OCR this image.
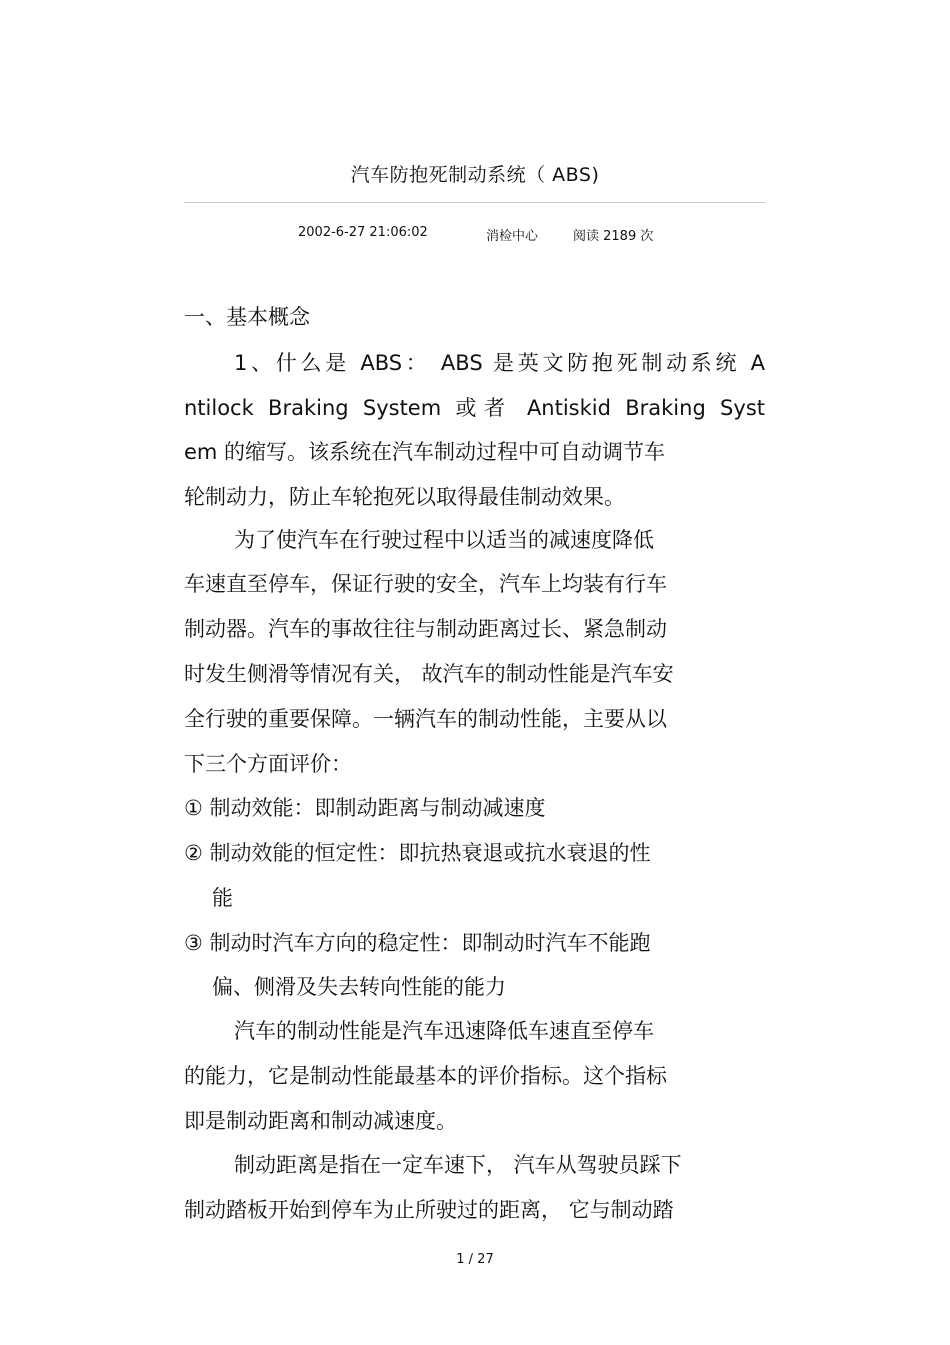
汽车防抱死制动系统（ ABS)
2002-6-27 21:06:02	消检中心	阅读 2189 次
一、基本概念
1、什么是 ABS： ABS 是英文防抱死制动系统 A
ntilock Braking System 或者 Antiskid Braking Syst
em 的缩写。该系统在汽车制动过程中可自动调节车
轮制动力，防止车轮抱死以取得最佳制动效果。
为了使汽车在行驶过程中以适当的减速度降低
车速直至停车，保证行驶的安全，汽车上均装有行车
制动器。汽车的事故往往与制动距离过长、紧急制动
时发生侧滑等情况有关， 故汽车的制动性能是汽车安
全行驶的重要保障。一辆汽车的制动性能，主要从以
下三个方面评价：
① 制动效能：即制动距离与制动减速度
② 制动效能的恒定性：即抗热衰退或抗水衰退的性
能
③ 制动时汽车方向的稳定性：即制动时汽车不能跑
偏、侧滑及失去转向性能的能力
汽车的制动性能是汽车迅速降低车速直至停车
的能力，它是制动性能最基本的评价指标。这个指标
即是制动距离和制动减速度。
制动距离是指在一定车速下， 汽车从驾驶员踩下
制动踏板开始到停车为止所驶过的距离， 它与制动踏
1 / 27
